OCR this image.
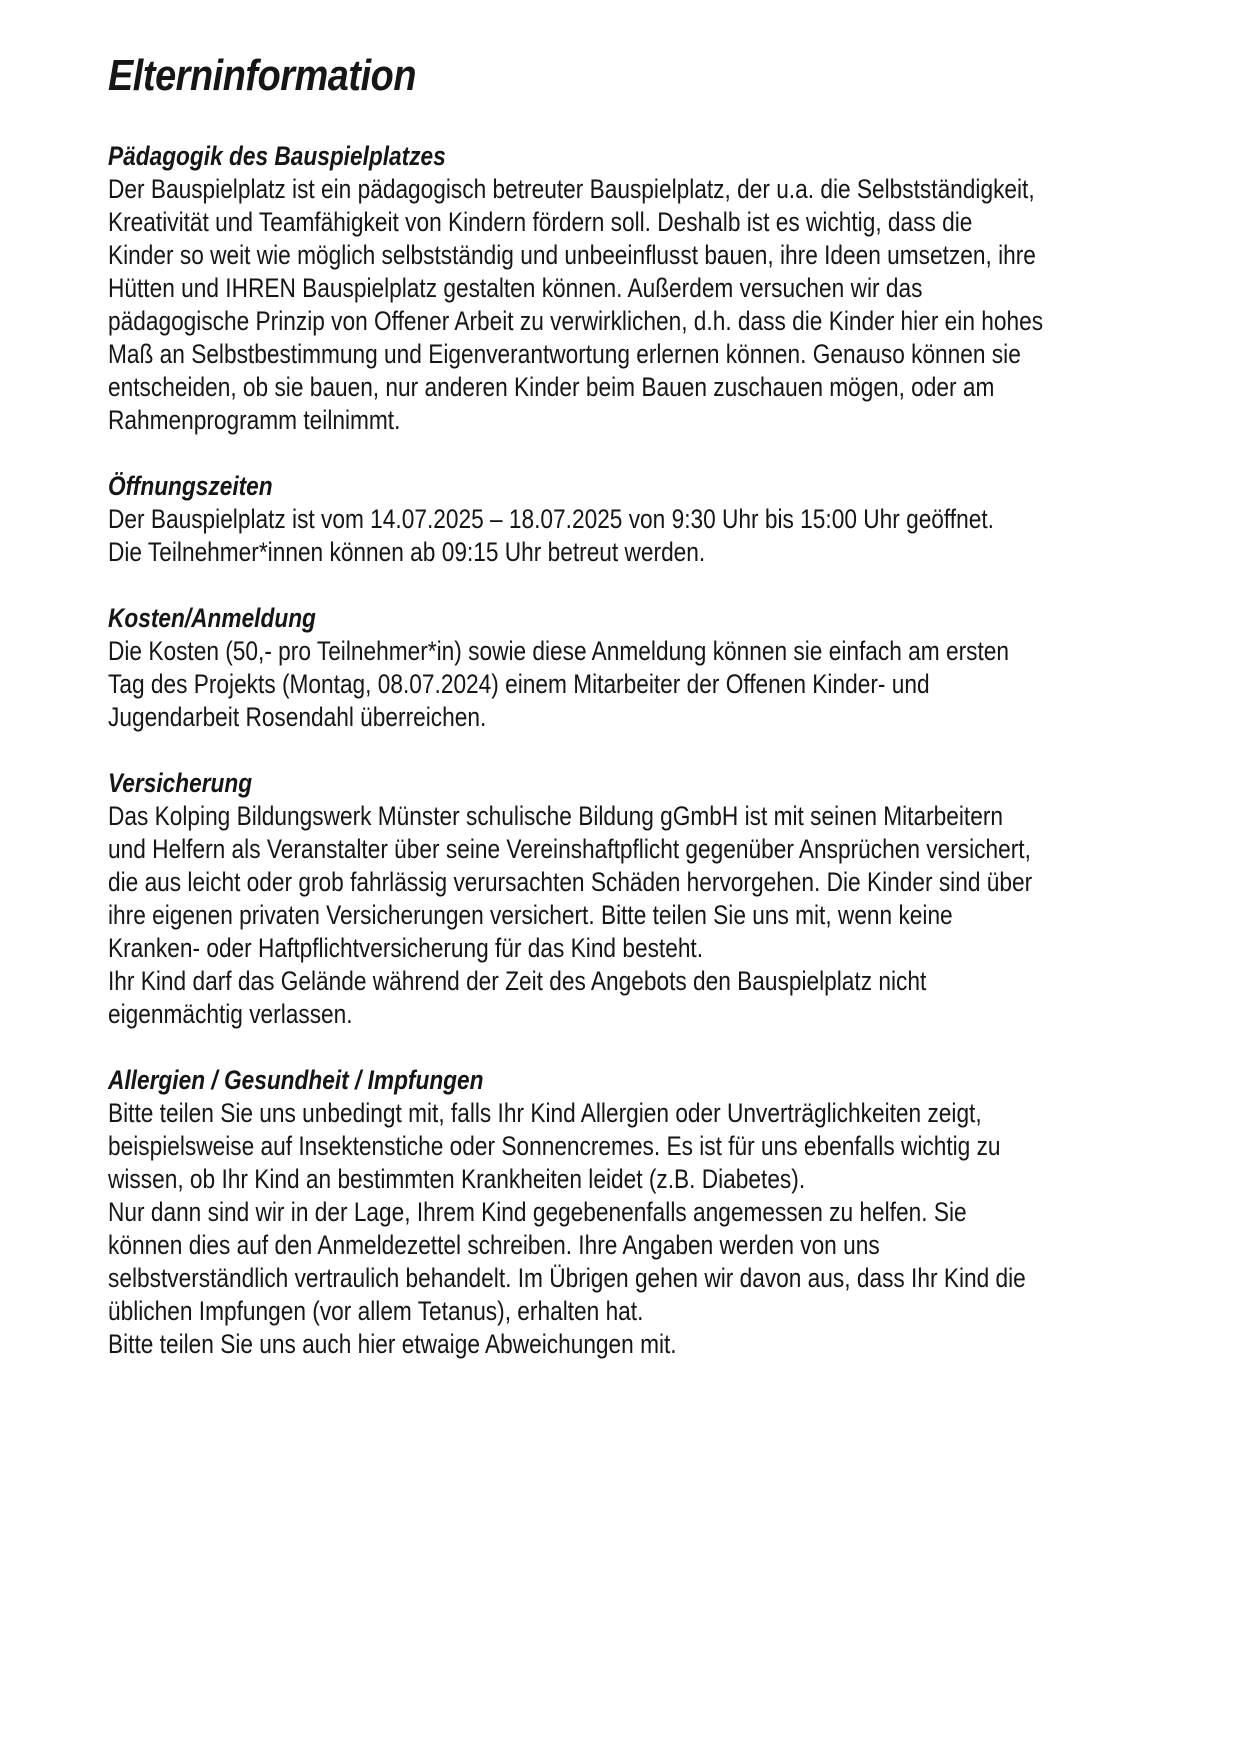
Elterninformation
Pädagogik des Bauspielplatzes
Der Bauspielplatz ist ein pädagogisch betreuter Bauspielplatz, der u.a. die Selbstständigkeit,
Kreativität und Teamfähigkeit von Kindern fördern soll. Deshalb ist es wichtig, dass die
Kinder so weit wie möglich selbstständig und unbeeinflusst bauen, ihre Ideen umsetzen, ihre
Hütten und IHREN Bauspielplatz gestalten können. Außerdem versuchen wir das
pädagogische Prinzip von Offener Arbeit zu verwirklichen, d.h. dass die Kinder hier ein hohes
Maß an Selbstbestimmung und Eigenverantwortung erlernen können. Genauso können sie
entscheiden, ob sie bauen, nur anderen Kinder beim Bauen zuschauen mögen, oder am
Rahmenprogramm teilnimmt.
Öffnungszeiten
Der Bauspielplatz ist vom 14.07.2025 – 18.07.2025 von 9:30 Uhr bis 15:00 Uhr geöffnet.
Die Teilnehmer*innen können ab 09:15 Uhr betreut werden.
Kosten/Anmeldung
Die Kosten (50,- pro Teilnehmer*in) sowie diese Anmeldung können sie einfach am ersten
Tag des Projekts (Montag, 08.07.2024) einem Mitarbeiter der Offenen Kinder- und
Jugendarbeit Rosendahl überreichen.
Versicherung
Das Kolping Bildungswerk Münster schulische Bildung gGmbH ist mit seinen Mitarbeitern
und Helfern als Veranstalter über seine Vereinshaftpflicht gegenüber Ansprüchen versichert,
die aus leicht oder grob fahrlässig verursachten Schäden hervorgehen. Die Kinder sind über
ihre eigenen privaten Versicherungen versichert. Bitte teilen Sie uns mit, wenn keine
Kranken- oder Haftpflichtversicherung für das Kind besteht.
Ihr Kind darf das Gelände während der Zeit des Angebots den Bauspielplatz nicht
eigenmächtig verlassen.
Allergien / Gesundheit / Impfungen
Bitte teilen Sie uns unbedingt mit, falls Ihr Kind Allergien oder Unverträglichkeiten zeigt,
beispielsweise auf Insektenstiche oder Sonnencremes. Es ist für uns ebenfalls wichtig zu
wissen, ob Ihr Kind an bestimmten Krankheiten leidet (z.B. Diabetes).
Nur dann sind wir in der Lage, Ihrem Kind gegebenenfalls angemessen zu helfen. Sie
können dies auf den Anmeldezettel schreiben. Ihre Angaben werden von uns
selbstverständlich vertraulich behandelt. Im Übrigen gehen wir davon aus, dass Ihr Kind die
üblichen Impfungen (vor allem Tetanus), erhalten hat.
Bitte teilen Sie uns auch hier etwaige Abweichungen mit.
